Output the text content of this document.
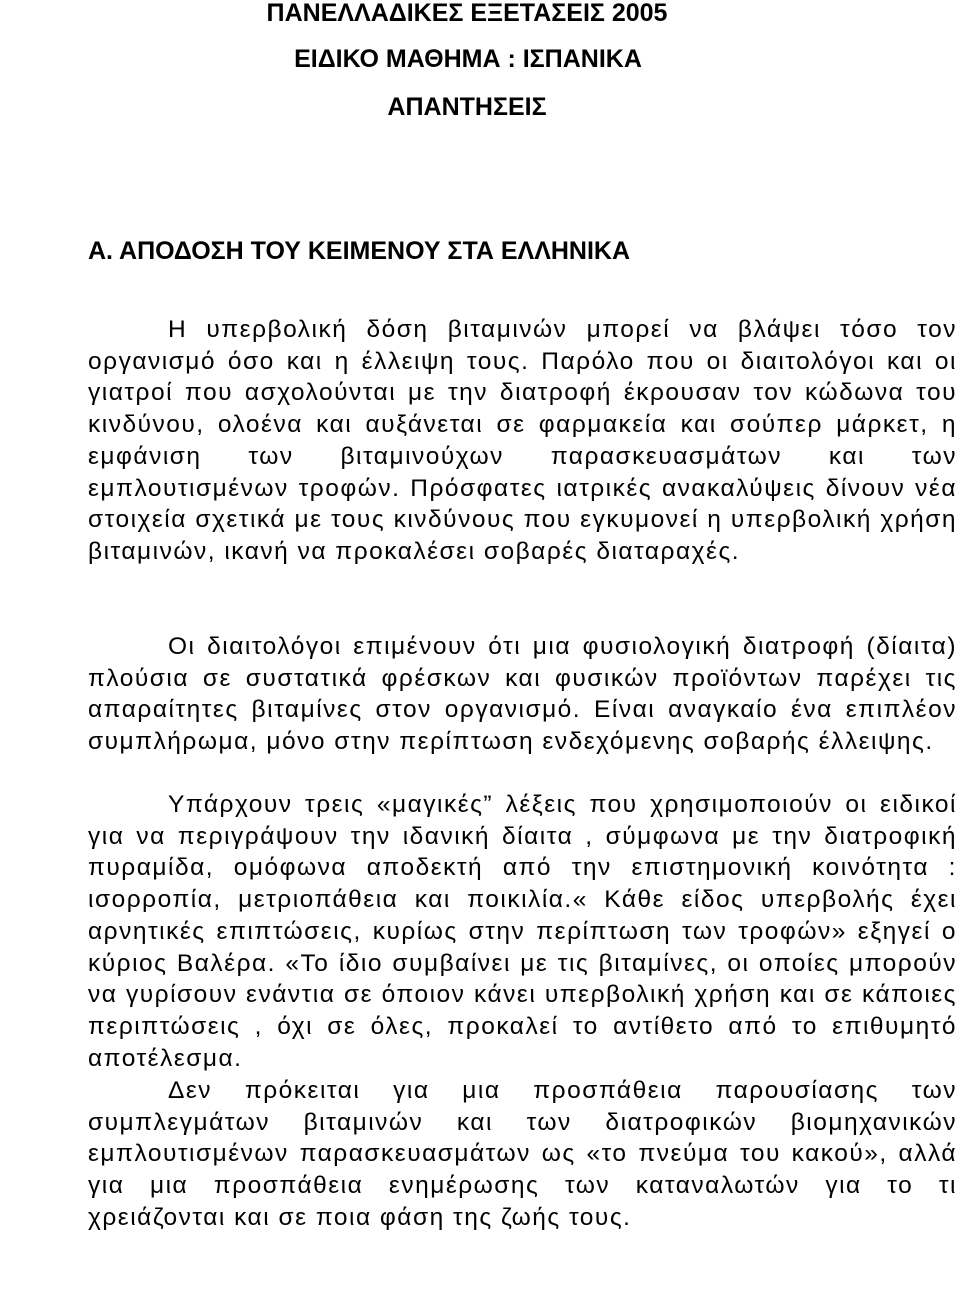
ΠΑΝΕΛΛΑΔΙΚΕΣ ΕΞΕΤΑΣΕΙΣ 2005
ΕΙΔΙΚΟ ΜΑΘΗΜΑ : ΙΣΠΑΝΙΚΑ
ΑΠΑΝΤΗΣΕΙΣ
Α. ΑΠΟΔΟΣΗ ΤΟΥ ΚΕΙΜΕΝΟΥ ΣΤΑ ΕΛΛΗΝΙΚΑ

Η υπερβολική δόση βιταμινών μπορεί να βλάψει τόσο τον οργανισμό όσο και η έλλειψη τους. Παρόλο που οι διαιτολόγοι και οι γιατροί που ασχολούνται με την διατροφή έκρουσαν τον κώδωνα του κινδύνου, ολοένα και αυξάνεται σε φαρμακεία και σούπερ μάρκετ, η εμφάνιση των βιταμινούχων παρασκευασμάτων και των εμπλουτισμένων τροφών. Πρόσφατες ιατρικές ανακαλύψεις δίνουν νέα στοιχεία σχετικά με τους κινδύνους που εγκυμονεί η υπερβολική χρήση βιταμινών, ικανή να προκαλέσει σοβαρές διαταραχές.

Οι διαιτολόγοι επιμένουν ότι μια φυσιολογική διατροφή (δίαιτα) πλούσια σε συστατικά φρέσκων και φυσικών προϊόντων παρέχει τις απαραίτητες βιταμίνες στον οργανισμό. Είναι αναγκαίο ένα επιπλέον συμπλήρωμα, μόνο στην περίπτωση ενδεχόμενης σοβαρής έλλειψης.

Υπάρχουν τρεις «μαγικές” λέξεις που χρησιμοποιούν οι ειδικοί για να περιγράψουν την ιδανική δίαιτα , σύμφωνα με την διατροφική πυραμίδα, ομόφωνα αποδεκτή από την επιστημονική κοινότητα : ισορροπία, μετριοπάθεια και ποικιλία.« Κάθε είδος υπερβολής έχει αρνητικές επιπτώσεις, κυρίως στην περίπτωση των τροφών» εξηγεί ο κύριος Βαλέρα. «Το ίδιο συμβαίνει με τις βιταμίνες, οι οποίες μπορούν να γυρίσουν ενάντια σε όποιον κάνει υπερβολική χρήση και σε κάποιες περιπτώσεις , όχι σε όλες, προκαλεί το αντίθετο από το επιθυμητό αποτέλεσμα.

Δεν πρόκειται για μια προσπάθεια παρουσίασης των συμπλεγμάτων βιταμινών και των διατροφικών βιομηχανικών εμπλουτισμένων παρασκευασμάτων ως «το πνεύμα του κακού», αλλά για μια προσπάθεια ενημέρωσης των καταναλωτών για το τι χρειάζονται και σε ποια φάση της ζωής τους.
